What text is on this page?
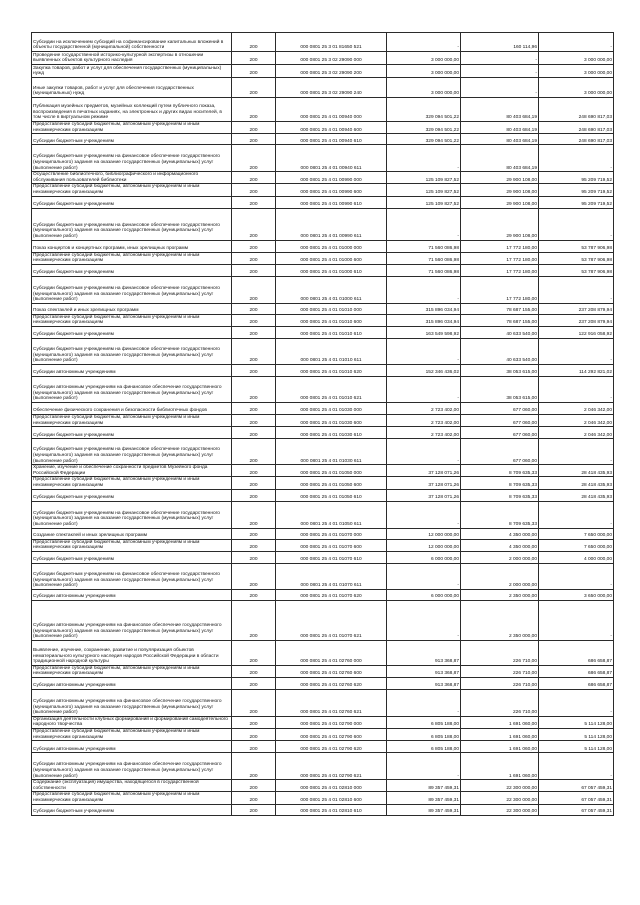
Субсидии на исключением субсидий на софинансирование капитальных вложений в объекты государственной (муниципальной) собственности	200	000 0801 25 3 01 81650 521	-	160 114,96	-
Проведение государственной историко-культурной экспертизы в отношении выявленных объектов культурного наследия	200	000 0801 25 3 02 29090 000	3 000 000,00	-	3 000 000,00
Закупка товаров, работ и услуг для обеспечения государственных (муниципальных) нужд	200	000 0801 25 3 02 29090 200	3 000 000,00	-	3 000 000,00
Иные закупки товаров, работ и услуг для обеспечения государственных (муниципальных) нужд	200	000 0801 25 3 02 29090 240	3 000 000,00	-	3 000 000,00
Публикация музейных предметов, музейных коллекций путем публичного показа, воспроизведения в печатных изданиях, на электронных и других видах носителей, в том числе в виртуальном режиме	200	000 0801 25 4 01 00940 000	329 094 501,22	80 403 684,19	248 690 817,03
Предоставление субсидий бюджетным, автономным учреждениям и иным некоммерческим организациям	200	000 0801 25 4 01 00940 600	329 094 501,22	80 403 684,19	248 690 817,03
Субсидии бюджетным учреждениям	200	000 0801 25 4 01 00940 610	329 094 501,22	80 403 684,19	248 690 817,03
Субсидии бюджетным учреждениям на финансовое обеспечение государственного (муниципального) задания на оказание государственных (муниципальных) услуг (выполнение работ)	200	000 0801 25 4 01 00940 611	-	80 403 684,19	-
Осуществление библиотечного, библиографического и информационного обслуживания пользователей библиотеки	200	000 0801 25 4 01 00990 000	125 109 827,52	29 900 108,00	95 209 719,52
Предоставление субсидий бюджетным, автономным учреждениям и иным некоммерческим организациям	200	000 0801 25 4 01 00990 600	125 109 827,52	29 900 108,00	95 209 719,52
Субсидии бюджетным учреждениям	200	000 0801 25 4 01 00990 610	125 109 827,52	29 900 108,00	95 209 719,52
Субсидии бюджетным учреждениям на финансовое обеспечение государственного (муниципального) задания на оказание государственных (муниципальных) услуг (выполнение работ)	200	000 0801 25 4 01 00990 611	-	29 900 108,00	-
Показ концертов и концертных программ, иных зрелищных программ	200	000 0801 25 4 01 01000 000	71 560 086,98	17 772 180,00	53 787 906,98
Предоставление субсидий бюджетным, автономным учреждениям и иным некоммерческим организациям	200	000 0801 25 4 01 01000 600	71 560 086,98	17 772 180,00	53 787 906,98
Субсидии бюджетным учреждениям	200	000 0801 25 4 01 01000 610	71 560 086,98	17 772 180,00	53 787 906,98
Субсидии бюджетным учреждениям на финансовое обеспечение государственного (муниципального) задания на оказание государственных (муниципальных) услуг (выполнение работ)	200	000 0801 25 4 01 01000 611	-	17 772 180,00	-
Показ спектаклей и иных зрелищных программ	200	000 0801 25 4 01 01010 000	315 896 034,94	78 687 155,00	237 208 879,94
Предоставление субсидий бюджетным, автономным учреждениям и иным некоммерческим организациям	200	000 0801 25 4 01 01010 600	315 896 034,94	78 687 155,00	237 208 879,94
Субсидии бюджетным учреждениям	200	000 0801 25 4 01 01010 610	163 549 598,92	40 633 540,00	122 916 058,92
Субсидии бюджетным учреждениям на финансовое обеспечение государственного (муниципального) задания на оказание государственных (муниципальных) услуг (выполнение работ)	200	000 0801 25 4 01 01010 611	-	40 633 540,00	-
Субсидии автономным учреждениям	200	000 0801 25 4 01 01010 620	152 346 436,02	38 053 615,00	114 292 821,02
Субсидии автономным учреждениям на финансовое обеспечение государственного (муниципального) задания на оказание государственных (муниципальных) услуг (выполнение работ)	200	000 0801 25 4 01 01010 621	-	38 053 615,00	-
Обеспечение физического сохранения и безопасности библиотечных фондов	200	000 0801 25 4 01 01030 000	2 723 402,00	677 060,00	2 046 342,00
Предоставление субсидий бюджетным, автономным учреждениям и иным некоммерческим организациям	200	000 0801 25 4 01 01030 600	2 723 402,00	677 060,00	2 046 342,00
Субсидии бюджетным учреждениям	200	000 0801 25 4 01 01030 610	2 723 402,00	677 060,00	2 046 342,00
Субсидии бюджетным учреждениям на финансовое обеспечение государственного (муниципального) задания на оказание государственных (муниципальных) услуг (выполнение работ)	200	000 0801 25 4 01 01030 611	-	677 060,00	-
Хранение, изучение и обеспечение сохранности предметов Музейного фонда Российской Федерации	200	000 0801 25 4 01 01050 000	37 128 071,26	8 709 635,33	28 418 435,93
Предоставление субсидий бюджетным, автономным учреждениям и иным некоммерческим организациям	200	000 0801 25 4 01 01050 600	37 128 071,26	8 709 635,33	28 418 435,93
Субсидии бюджетным учреждениям	200	000 0801 25 4 01 01050 610	37 128 071,26	8 709 635,33	28 418 435,93
Субсидии бюджетным учреждениям на финансовое обеспечение государственного (муниципального) задания на оказание государственных (муниципальных) услуг (выполнение работ)	200	000 0801 25 4 01 01050 611	-	8 709 635,33	-
Создание спектаклей и иных зрелищных программ	200	000 0801 25 4 01 01070 000	12 000 000,00	4 350 000,00	7 650 000,00
Предоставление субсидий бюджетным, автономным учреждениям и иным некоммерческим организациям	200	000 0801 25 4 01 01070 600	12 000 000,00	4 350 000,00	7 650 000,00
Субсидии бюджетным учреждениям	200	000 0801 25 4 01 01070 610	6 000 000,00	2 000 000,00	4 000 000,00
Субсидии бюджетным учреждениям на финансовое обеспечение государственного (муниципального) задания на оказание государственных (муниципальных) услуг (выполнение работ)	200	000 0801 25 4 01 01070 611	-	2 000 000,00	-
Субсидии автономным учреждениям	200	000 0801 25 4 01 01070 620	6 000 000,00	2 350 000,00	3 650 000,00
Субсидии автономным учреждениям на финансовое обеспечение государственного (муниципального) задания на оказание государственных (муниципальных) услуг (выполнение работ)	200	000 0801 25 4 01 01070 621	-	2 350 000,00	-
Выявление, изучение, сохранение, развитие и популяризация объектов нематериального культурного наследия народов Российской Федерации в области традиционной народной культуры	200	000 0801 25 4 01 02760 000	913 368,87	226 710,00	686 658,87
Предоставление субсидий бюджетным, автономным учреждениям и иным некоммерческим организациям	200	000 0801 25 4 01 02760 600	913 368,87	226 710,00	686 658,87
Субсидии автономным учреждениям	200	000 0801 25 4 01 02760 620	913 368,87	226 710,00	686 658,87
Субсидии автономным учреждениям на финансовое обеспечение государственного (муниципального) задания на оказание государственных (муниципальных) услуг (выполнение работ)	200	000 0801 25 4 01 02760 621	-	226 710,00	-
Организация деятельности клубных формирований и формирований самодеятельного народного творчества	200	000 0801 25 4 01 02790 000	6 805 188,00	1 691 060,00	5 114 128,00
Предоставление субсидий бюджетным, автономным учреждениям и иным некоммерческим организациям	200	000 0801 25 4 01 02790 600	6 805 188,00	1 691 060,00	5 114 128,00
Субсидии автономным учреждениям	200	000 0801 25 4 01 02790 620	6 805 188,00	1 691 060,00	5 114 128,00
Субсидии автономным учреждениям на финансовое обеспечение государственного (муниципального) задания на оказание государственных (муниципальных) услуг (выполнение работ)	200	000 0801 25 4 01 02790 621	-	1 691 060,00	-
Содержание (эксплуатация) имущества, находящегося в государственной собственности	200	000 0801 25 4 01 02810 000	89 357 459,31	22 300 000,00	67 057 459,31
Предоставление субсидий бюджетным, автономным учреждениям и иным некоммерческим организациям	200	000 0801 25 4 01 02810 600	89 357 459,31	22 300 000,00	67 057 459,31
Субсидии бюджетным учреждениям	200	000 0801 25 4 01 02810 610	89 357 459,31	22 300 000,00	67 057 459,31
